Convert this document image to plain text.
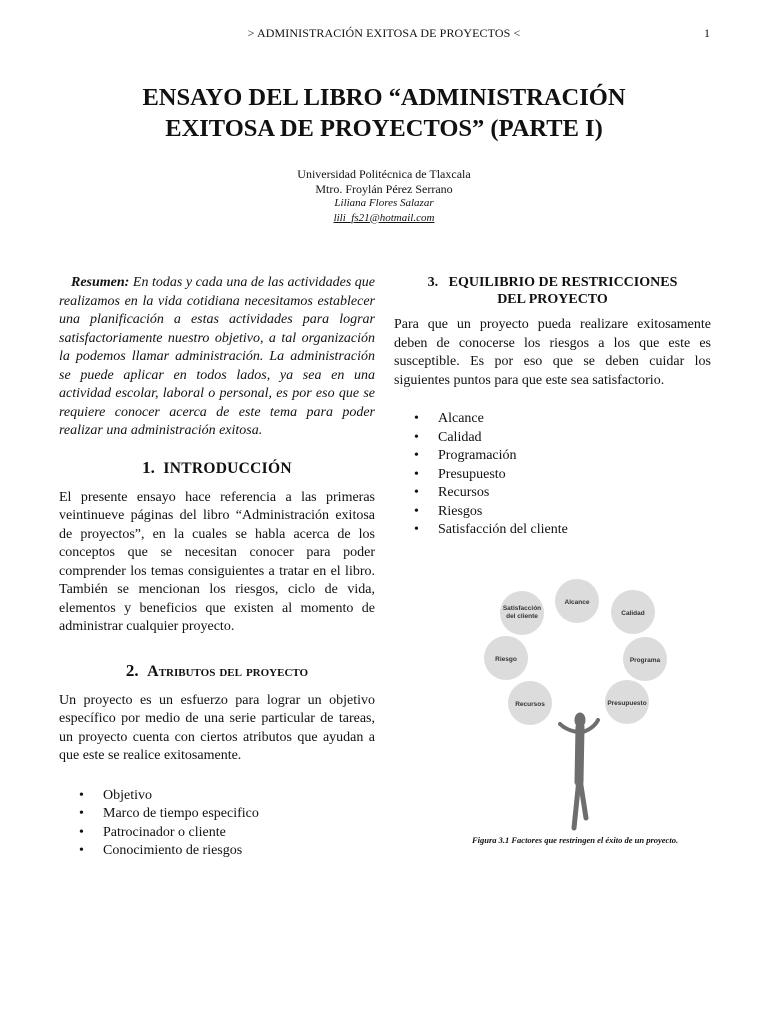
> ADMINISTRACIÓN EXITOSA DE PROYECTOS <	1
ENSAYO DEL LIBRO “ADMINISTRACIÓN
EXITOSA DE PROYECTOS” (PARTE I)
Universidad Politécnica de Tlaxcala
Mtro. Froylán Pérez Serrano
Liliana Flores Salazar
lili_fs21@hotmail.com

Resumen: En todas y cada una de las actividades que realizamos en la vida cotidiana necesitamos establecer una planificación a estas actividades para lograr satisfactoriamente nuestro objetivo, a tal organización la podemos llamar administración. La administración se puede aplicar en todos lados, ya sea en una actividad escolar, laboral o personal, es por eso que se requiere conocer acerca de este tema para poder realizar una administración exitosa.

1. INTRODUCCIÓN

El presente ensayo hace referencia a las primeras veintinueve páginas del libro “Administración exitosa de proyectos”, en la cuales se habla acerca de los conceptos que se necesitan conocer para poder comprender los temas consiguientes a tratar en el libro. También se mencionan los riesgos, ciclo de vida, elementos y beneficios que existen al momento de administrar cualquier proyecto.

2. Atributos del proyecto

Un proyecto es un esfuerzo para lograr un objetivo específico por medio de una serie particular de tareas, un proyecto cuenta con ciertos atributos que ayudan a que este se realice exitosamente.

• Objetivo
• Marco de tiempo especifico
• Patrocinador o cliente
• Conocimiento de riesgos
3. EQUILIBRIO DE RESTRICCIONES
DEL PROYECTO

Para que un proyecto pueda realizare exitosamente deben de conocerse los riesgos a los que este es susceptible. Es por eso que se deben cuidar los siguientes puntos para que este sea satisfactorio.

• Alcance
• Calidad
• Programación
• Presupuesto
• Recursos
• Riesgos
• Satisfacción del cliente
Satisfacción
del cliente
Alcance
Calidad
Riesgo	Programa
Recursos	Presupuesto
Figura 3.1 Factores que restringen el éxito de un proyecto.
